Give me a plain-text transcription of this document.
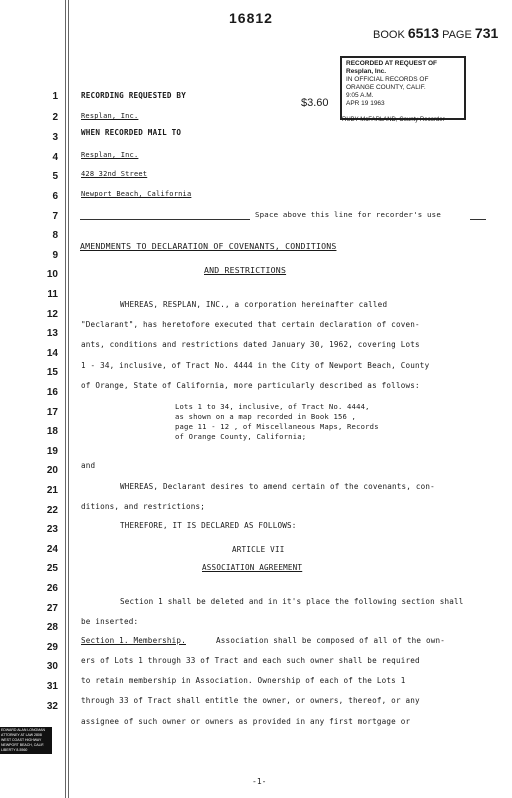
16812
BOOK 6513 PAGE 731
RECORDED AT REQUEST OF
Resplan, Inc.
IN OFFICIAL RECORDS OF
ORANGE COUNTY, CALIF.
9:05 A.M.
APR 19 1963
$3.60
RUBY McFARLAND, County Recorder
1
2
3
4
5
6
7
8
9
10
11
12
13
14
15
16
17
18
19
20
21
22
23
24
25
26
27
28
29
30
31
32
RECORDING REQUESTED BY
Resplan, Inc.
WHEN RECORDED MAIL TO
Resplan, Inc.
428 32nd Street
Newport Beach, California
Space above this line for recorder's use
AMENDMENTS TO DECLARATION OF COVENANTS, CONDITIONS
AND RESTRICTIONS
WHEREAS, RESPLAN, INC., a corporation hereinafter called
"Declarant", has heretofore executed that certain declaration of coven-
ants, conditions and restrictions dated January 30, 1962, covering Lots
1 - 34, inclusive, of Tract No. 4444 in the City of Newport Beach, County
of Orange, State of California, more particularly described as follows:
Lots 1 to 34, inclusive, of Tract No. 4444,
as shown on a map recorded in Book 156 ,
page 11 - 12 , of Miscellaneous Maps, Records
of Orange County, California;
and
WHEREAS, Declarant desires to amend certain of the covenants, con-
ditions, and restrictions;
THEREFORE, IT IS DECLARED AS FOLLOWS:
ARTICLE VII
ASSOCIATION AGREEMENT
Section 1 shall be deleted and in it's place the following section shall
be inserted:
Section 1. Membership.	Association shall be composed of all of the own-
ers of Lots 1 through 33 of Tract and each such owner shall be required
to retain membership in Association. Ownership of each of the Lots 1
through 33 of Tract shall entitle the owner, or owners, thereof, or any
assignee of such owner or owners as provided in any first mortgage or
EDWARD ALAN LONGMAN ATTORNEY AT LAW 2808 WEST COAST HIGHWAY NEWPORT BEACH, CALIF. LIBERTY 8-5560
-1-
